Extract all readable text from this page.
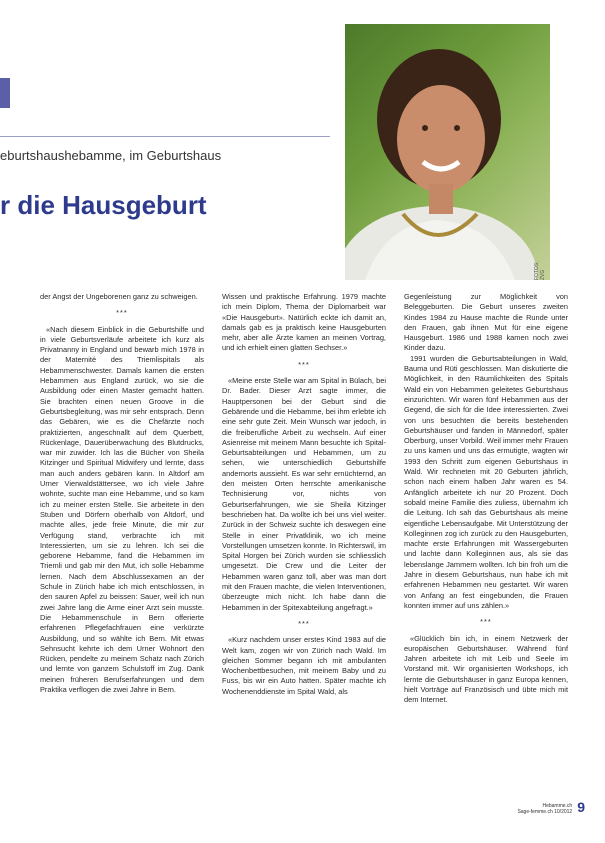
eburtshaushebamme, im Geburtshaus
r die Hausgeburt
FOTOS: ZVG

der Angst der Ungeborenen ganz zu schweigen.

***

«Nach diesem Einblick in die Geburtshilfe und in viele Geburtsverläufe arbeitete ich kurz als Privatnanny in England und bewarb mich 1978 in der Maternité des Triemlispitals als Hebammenschwester. Damals kamen die ersten Hebammen aus England zurück, wo sie die Ausbildung oder einen Master gemacht hatten. Sie brachten einen neuen Groove in die Geburtsbegleitung, was mir sehr entsprach. Denn das Gebären, wie es die Chefärzte noch praktizierten, angeschnallt auf dem Querbett, Rückenlage, Dauerüberwachung des Blutdrucks, war mir zuwider. Ich las die Bücher von Sheila Kitzinger und Spiritual Midwifery und lernte, dass man auch anders gebären kann. In Altdorf am Urner Vierwaldstättersee, wo ich viele Jahre wohnte, suchte man eine Hebamme, und so kam ich zu meiner ersten Stelle. Sie arbeitete in den Stuben und Dörfern oberhalb von Altdorf, und machte alles, jede freie Minute, die mir zur Verfügung stand, verbrachte ich mit Interessierten, um sie zu lehren. Ich sei die geborene Hebamme, fand die Hebammen im Triemli und gab mir den Mut, ich solle Hebamme lernen. Nach dem Abschlussexamen an der Schule in Zürich habe ich mich entschlossen, in den sauren Apfel zu beissen: Sauer, weil ich nun zwei Jahre lang die Arme einer Arzt sein musste. Die Hebammenschule in Bern offerierte erfahrenen Pflegefachfrauen eine verkürzte Ausbildung, und so wählte ich Bern. Mit etwas Sehnsucht kehrte ich dem Urner Wohnort den Rücken, pendelte zu meinem Schatz nach Zürich und lernte von ganzem Schulstoff im Zug. Dank meinen früheren Berufserfahrungen und dem Praktika verflogen die zwei Jahre in Bern.

Wissen und praktische Erfahrung. 1979 machte ich mein Diplom, Thema der Diplomarbeit war «Die Hausgeburt». Natürlich eckte ich damit an, damals gab es ja praktisch keine Hausgeburten mehr, aber alle Ärzte kamen an meinen Vortrag, und ich erhielt einen glatten Sechser.»

***

«Meine erste Stelle war am Spital in Bülach, bei Dr. Bader. Dieser Arzt sagte immer, die Hauptpersonen bei der Geburt sind die Gebärende und die Hebamme, bei ihm erlebte ich eine sehr gute Zeit. Mein Wunsch war jedoch, in die freiberufliche Arbeit zu wechseln. Auf einer Asienreise mit meinem Mann besuchte ich Spital-Geburtsabteilungen und Hebammen, um zu sehen, wie unterschiedlich Geburtshilfe andernorts aussieht. Es war sehr ernüchternd, an den meisten Orten herrschte amerikanische Technisierung vor, nichts von Geburtserfahrungen, wie sie Sheila Kitzinger beschrieben hat. Da wollte ich bei uns viel weiter. Zurück in der Schweiz suchte ich deswegen eine Stelle in einer Privatklinik, wo ich meine Vorstellungen umsetzen konnte. In Richterswil, im Spital Horgen bei Zürich wurden sie schliesslich umgesetzt. Die Crew und die Leiter der Hebammen waren ganz toll, aber was man dort mit den Frauen machte, die vielen Interventionen, überzeugte mich nicht. Ich habe dann die Hebammen in der Spitexabteilung angefragt.»

***

«Kurz nachdem unser erstes Kind 1983 auf die Welt kam, zogen wir von Zürich nach Wald. Im gleichen Sommer begann ich mit ambulanten Wochenbettbesuchen, mit meinem Baby und zu Fuss, bis wir ein Auto hatten. Später machte ich Wochenenddienste im Spital Wald, als

Gegenleistung zur Möglichkeit von Beleggeburten. Die Geburt unseres zweiten Kindes 1984 zu Hause machte die Runde unter den Frauen, gab ihnen Mut für eine eigene Hausgeburt. 1986 und 1988 kamen noch zwei Kinder dazu.

1991 wurden die Geburtsabteilungen in Wald, Bauma und Rüti geschlossen. Man diskutierte die Möglichkeit, in den Räumlichkeiten des Spitals Wald ein von Hebammen geleitetes Geburtshaus einzurichten. Wir waren fünf Hebammen aus der Gegend, die sich für die Idee interessierten. Zwei von uns besuchten die bereits bestehenden Geburtshäuser und fanden in Männedorf, später Oberburg, unser Vorbild. Weil immer mehr Frauen zu uns kamen und uns das ermutigte, wagten wir 1993 den Schritt zum eigenen Geburtshaus in Wald. Wir rechneten mit 20 Geburten jährlich, schon nach einem halben Jahr waren es 54. Anfänglich arbeitete ich nur 20 Prozent. Doch sobald meine Familie dies zuliess, übernahm ich die Leitung. Ich sah das Geburtshaus als meine eigentliche Lebensaufgabe. Mit Unterstützung der Kolleginnen zog ich zurück zu den Hausgeburten, machte erste Erfahrungen mit Wassergeburten und lachte dann Kolleginnen aus, als sie das lebenslange Jammern wollten. Ich bin froh um die Jahre in diesem Geburtshaus, nun habe ich mit erfahrenen Hebammen neu gestartet. Wir waren von Anfang an fest eingebunden, die Frauen konnten immer auf uns zählen.»

***

«Glücklich bin ich, in einem Netzwerk der europäischen Geburtshäuser. Während fünf Jahren arbeitete ich mit Leib und Seele im Vorstand mit. Wir organisierten Workshops, ich lernte die Geburtshäuser in ganz Europa kennen, hielt Vorträge auf Französisch und übte mich mit dem Internet.

Hebamme.ch
Sage-femme.ch 10/2012 9
